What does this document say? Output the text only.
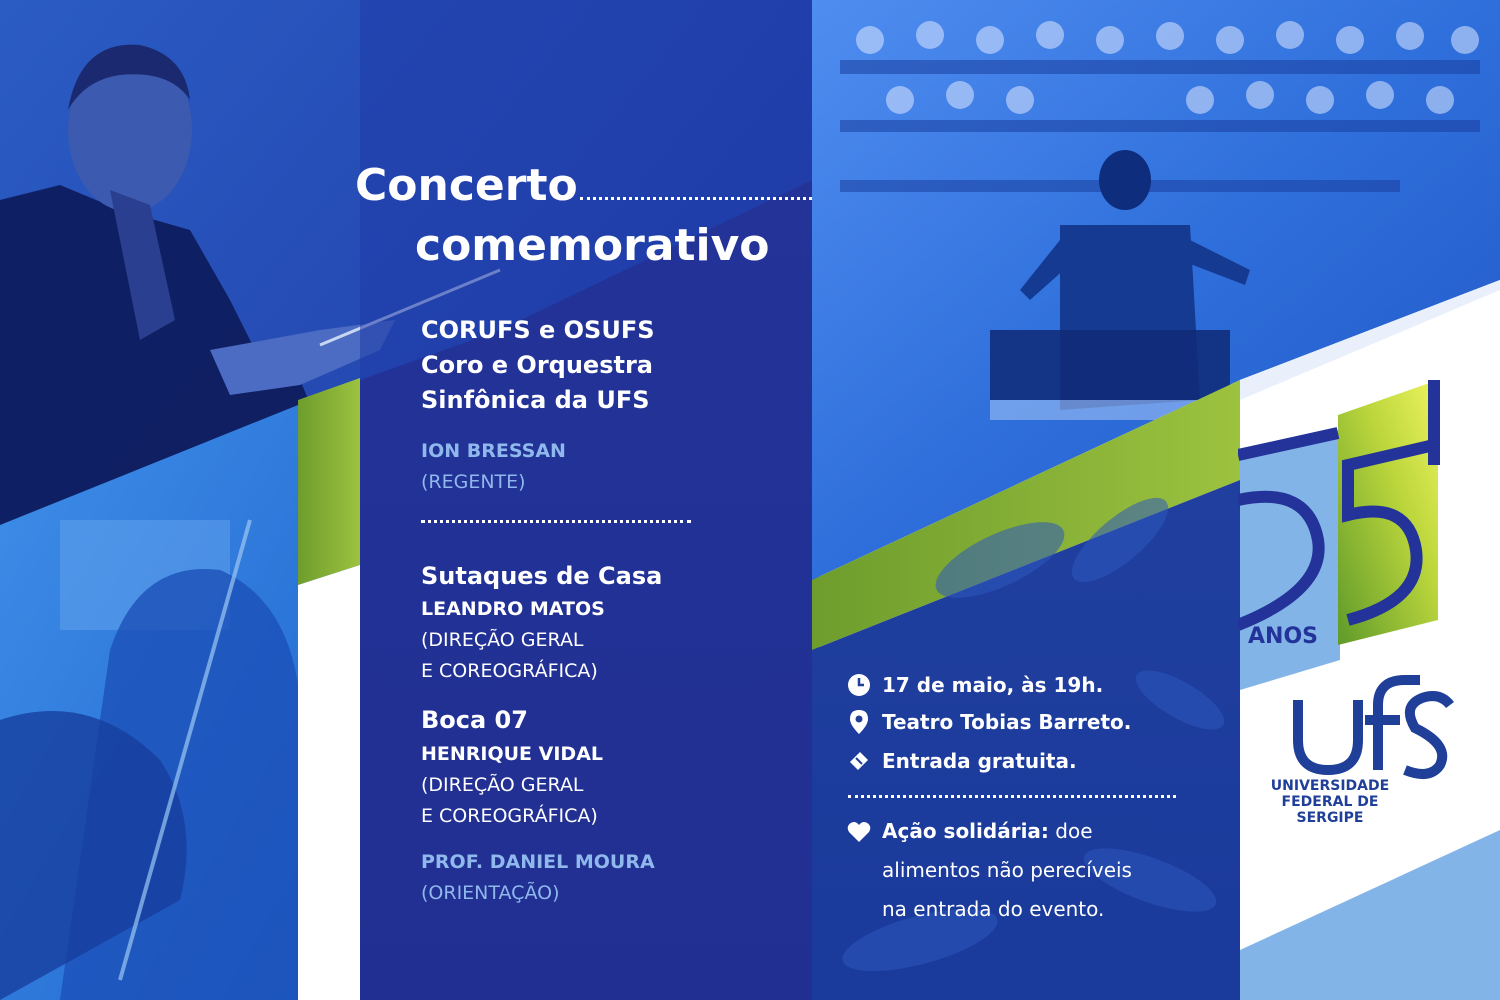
ANOS
UNIVERSIDADE
FEDERAL DE
SERGIPE
Concerto
comemorativo
CORUFS e OSUFS
Coro e Orquestra
Sinfônica da UFS
ION BRESSAN
(REGENTE)
Sutaques de Casa
LEANDRO MATOS
(DIREÇÃO GERAL
E COREOGRÁFICA)
Boca 07
HENRIQUE VIDAL
(DIREÇÃO GERAL
E COREOGRÁFICA)
PROF. DANIEL MOURA
(ORIENTAÇÃO)
17 de maio, às 19h.
Teatro Tobias Barreto.
Entrada gratuita.
Ação solidária: doe
alimentos não perecíveis
na entrada do evento.
